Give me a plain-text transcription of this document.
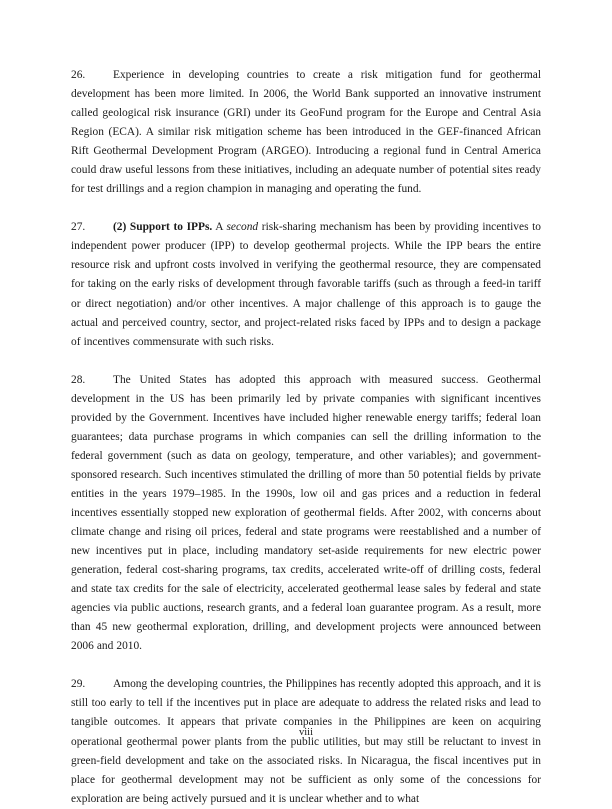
26. Experience in developing countries to create a risk mitigation fund for geothermal development has been more limited. In 2006, the World Bank supported an innovative instrument called geological risk insurance (GRI) under its GeoFund program for the Europe and Central Asia Region (ECA). A similar risk mitigation scheme has been introduced in the GEF-financed African Rift Geothermal Development Program (ARGEO). Introducing a regional fund in Central America could draw useful lessons from these initiatives, including an adequate number of potential sites ready for test drillings and a region champion in managing and operating the fund.

27. (2) Support to IPPs. A second risk-sharing mechanism has been by providing incentives to independent power producer (IPP) to develop geothermal projects. While the IPP bears the entire resource risk and upfront costs involved in verifying the geothermal resource, they are compensated for taking on the early risks of development through favorable tariffs (such as through a feed-in tariff or direct negotiation) and/or other incentives. A major challenge of this approach is to gauge the actual and perceived country, sector, and project-related risks faced by IPPs and to design a package of incentives commensurate with such risks.

28. The United States has adopted this approach with measured success. Geothermal development in the US has been primarily led by private companies with significant incentives provided by the Government. Incentives have included higher renewable energy tariffs; federal loan guarantees; data purchase programs in which companies can sell the drilling information to the federal government (such as data on geology, temperature, and other variables); and government-sponsored research. Such incentives stimulated the drilling of more than 50 potential fields by private entities in the years 1979–1985. In the 1990s, low oil and gas prices and a reduction in federal incentives essentially stopped new exploration of geothermal fields. After 2002, with concerns about climate change and rising oil prices, federal and state programs were reestablished and a number of new incentives put in place, including mandatory set-aside requirements for new electric power generation, federal cost-sharing programs, tax credits, accelerated write-off of drilling costs, federal and state tax credits for the sale of electricity, accelerated geothermal lease sales by federal and state agencies via public auctions, research grants, and a federal loan guarantee program. As a result, more than 45 new geothermal exploration, drilling, and development projects were announced between 2006 and 2010.

29. Among the developing countries, the Philippines has recently adopted this approach, and it is still too early to tell if the incentives put in place are adequate to address the related risks and lead to tangible outcomes. It appears that private companies in the Philippines are keen on acquiring operational geothermal power plants from the public utilities, but may still be reluctant to invest in green-field development and take on the associated risks. In Nicaragua, the fiscal incentives put in place for geothermal development may not be sufficient as only some of the concessions for exploration are being actively pursued and it is unclear whether and to what

viii
